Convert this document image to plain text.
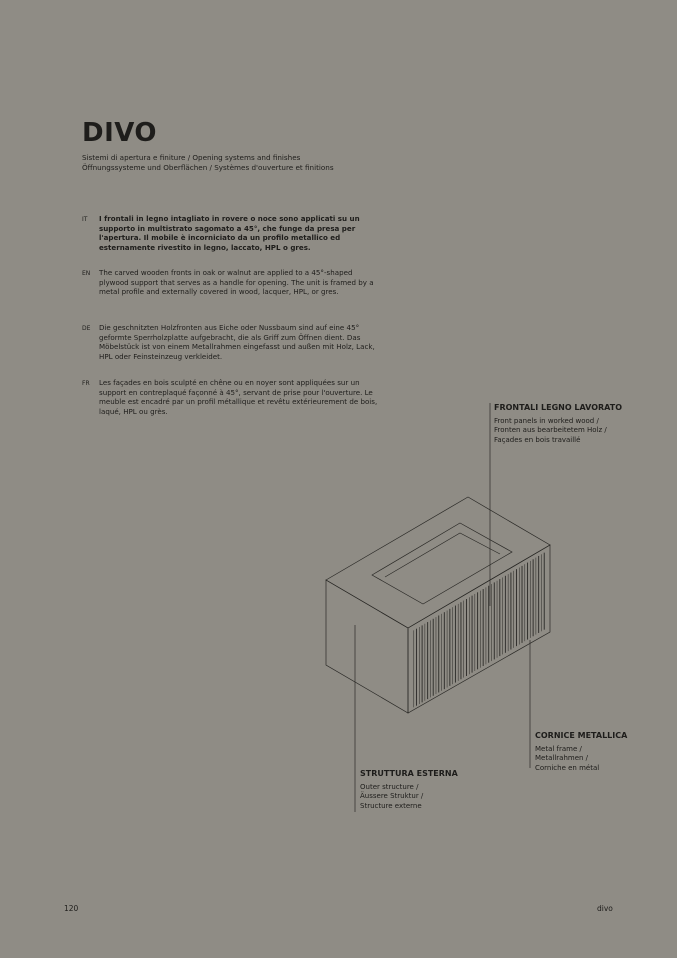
DIVO
Sistemi di apertura e finiture / Opening systems and finishes
Öffnungssysteme und Oberflächen / Systèmes d'ouverture et finitions
IT I frontali in legno intagliato in rovere o noce sono applicati su un supporto in multistrato sagomato a 45°, che funge da presa per l'apertura. Il mobile è incorniciato da un profilo metallico ed esternamente rivestito in legno, laccato, HPL o gres.
EN The carved wooden fronts in oak or walnut are applied to a 45°-shaped plywood support that serves as a handle for opening. The unit is framed by a metal profile and externally covered in wood, lacquer, HPL, or gres.
DE Die geschnitzten Holzfronten aus Eiche oder Nussbaum sind auf eine 45° geformte Sperrholzplatte aufgebracht, die als Griff zum Öffnen dient. Das Möbelstück ist von einem Metallrahmen eingefasst und außen mit Holz, Lack, HPL oder Feinsteinzeug verkleidet.
FR Les façades en bois sculpté en chêne ou en noyer sont appliquées sur un support en contreplaqué façonné à 45°, servant de prise pour l'ouverture. Le meuble est encadré par un profil métallique et revêtu extérieurement de bois, laqué, HPL ou grès.	FRONTALI LEGNO LAVORATO
Front panels in worked wood / Fronten aus bearbeitetem Holz / Façades en bois travaillé
CORNICE METALLICA
Metal frame / Metallrahmen / Corniche en métal
STRUTTURA ESTERNA
Outer structure / Äussere Struktur / Structure externe
120	divo
